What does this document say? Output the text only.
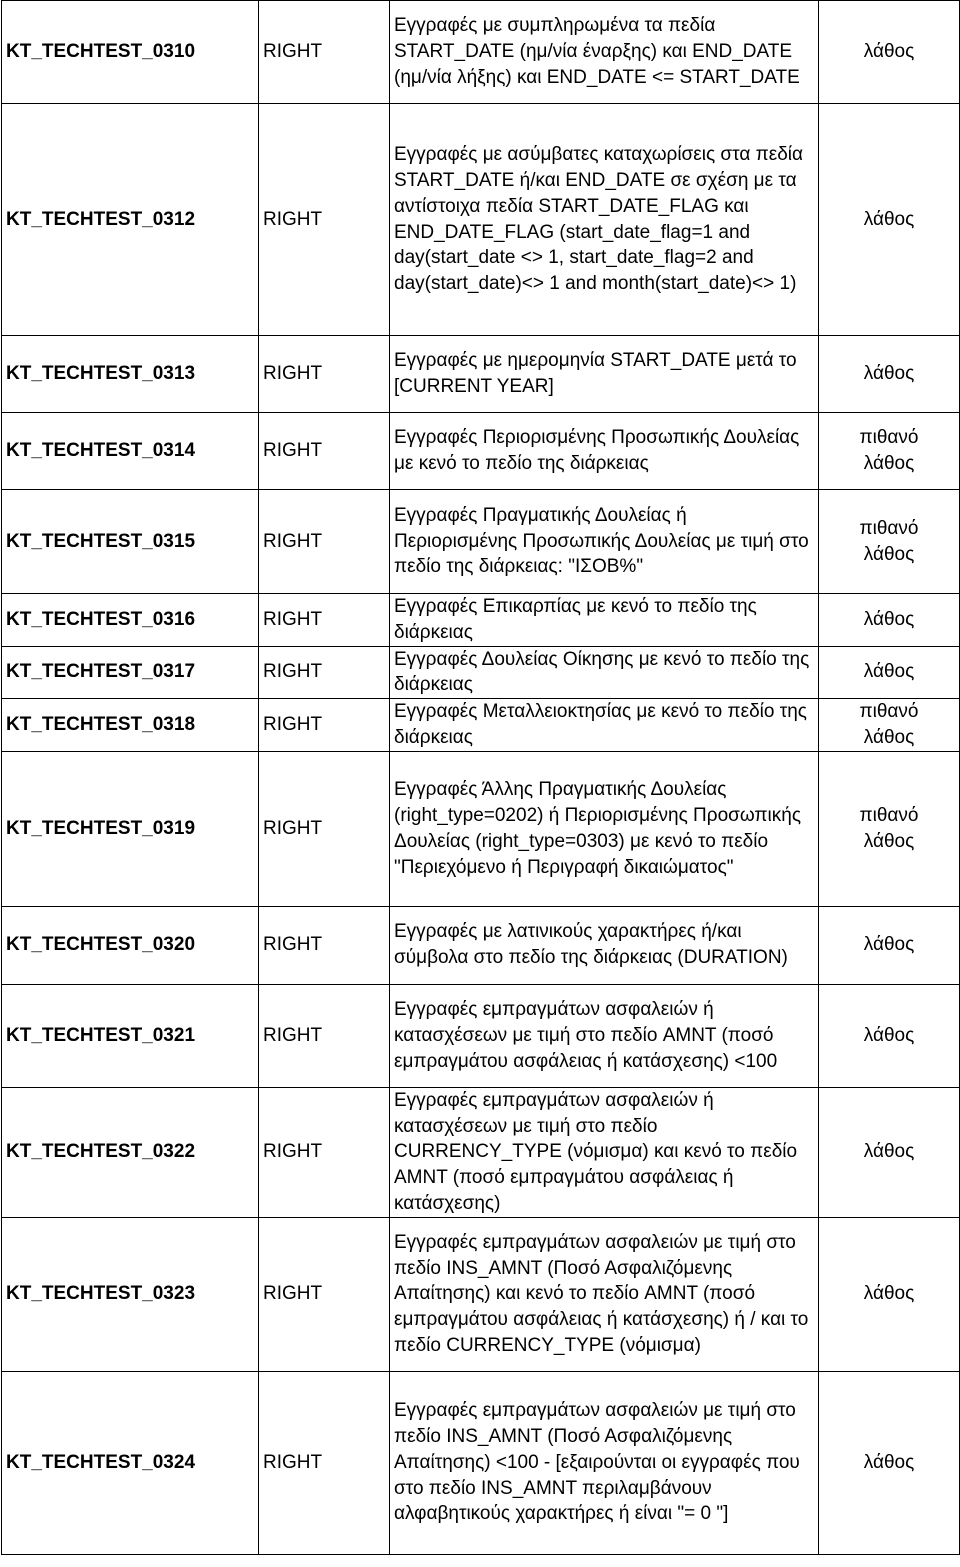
KT_TECHTEST_0310	RIGHT	Εγγραφές με συμπληρωμένα τα πεδία START_DATE (ημ/νία έναρξης) και END_DATE (ημ/νία λήξης) και END_DATE <= START_DATE	λάθος

KT_TECHTEST_0312	RIGHT	Εγγραφές με ασύμβατες καταχωρίσεις στα πεδία START_DATE ή/και END_DATE σε σχέση με τα αντίστοιχα πεδία START_DATE_FLAG και END_DATE_FLAG (start_date_flag=1 and day(start_date <> 1, start_date_flag=2 and day(start_date)<> 1 and month(start_date)<> 1)	λάθος

KT_TECHTEST_0313	RIGHT	Εγγραφές με ημερομηνία START_DATE μετά το [CURRENT YEAR]	λάθος

KT_TECHTEST_0314	RIGHT	Εγγραφές Περιορισμένης Προσωπικής Δουλείας με κενό το πεδίο της διάρκειας	πιθανό
λάθος

KT_TECHTEST_0315	RIGHT	Εγγραφές Πραγματικής Δουλείας ή Περιορισμένης Προσωπικής Δουλείας με τιμή στο πεδίο της διάρκειας: "ΙΣΟΒ%"	πιθανό
λάθος

KT_TECHTEST_0316	RIGHT	Εγγραφές Επικαρπίας με κενό το πεδίο της διάρκειας	λάθος

KT_TECHTEST_0317	RIGHT	Εγγραφές Δουλείας Οίκησης με κενό το πεδίο της διάρκειας	λάθος

KT_TECHTEST_0318	RIGHT	Εγγραφές Μεταλλειοκτησίας με κενό το πεδίο της διάρκειας	πιθανό
λάθος

KT_TECHTEST_0319	RIGHT	Εγγραφές Άλλης Πραγματικής Δουλείας (right_type=0202) ή Περιορισμένης Προσωπικής Δουλείας (right_type=0303) με κενό το πεδίο "Περιεχόμενο ή Περιγραφή δικαιώματος"	πιθανό
λάθος

KT_TECHTEST_0320	RIGHT	Εγγραφές με λατινικούς χαρακτήρες ή/και σύμβολα στο πεδίο της διάρκειας (DURATION)	λάθος

KT_TECHTEST_0321	RIGHT	Εγγραφές εμπραγμάτων ασφαλειών ή κατασχέσεων με τιμή στο πεδίο AMNT (ποσό εμπραγμάτου ασφάλειας ή κατάσχεσης) <100	λάθος

KT_TECHTEST_0322	RIGHT	Εγγραφές εμπραγμάτων ασφαλειών ή κατασχέσεων με τιμή στο πεδίο CURRENCY_TYPE (νόμισμα) και κενό το πεδίο AMNT (ποσό εμπραγμάτου ασφάλειας ή κατάσχεσης)	λάθος

KT_TECHTEST_0323	RIGHT	Εγγραφές εμπραγμάτων ασφαλειών με τιμή στο πεδίο INS_AMNT (Ποσό Ασφαλιζόμενης Απαίτησης) και κενό το πεδίο AMNT (ποσό εμπραγμάτου ασφάλειας ή κατάσχεσης) ή / και το πεδίο CURRENCY_TYPE (νόμισμα)	λάθος

KT_TECHTEST_0324	RIGHT	Εγγραφές εμπραγμάτων ασφαλειών με τιμή στο πεδίο INS_AMNT (Ποσό Ασφαλιζόμενης Απαίτησης) <100 - [εξαιρούνται οι εγγραφές που στο πεδίο INS_AMNT περιλαμβάνουν αλφαβητικούς χαρακτήρες ή είναι "= 0 "]	λάθος
